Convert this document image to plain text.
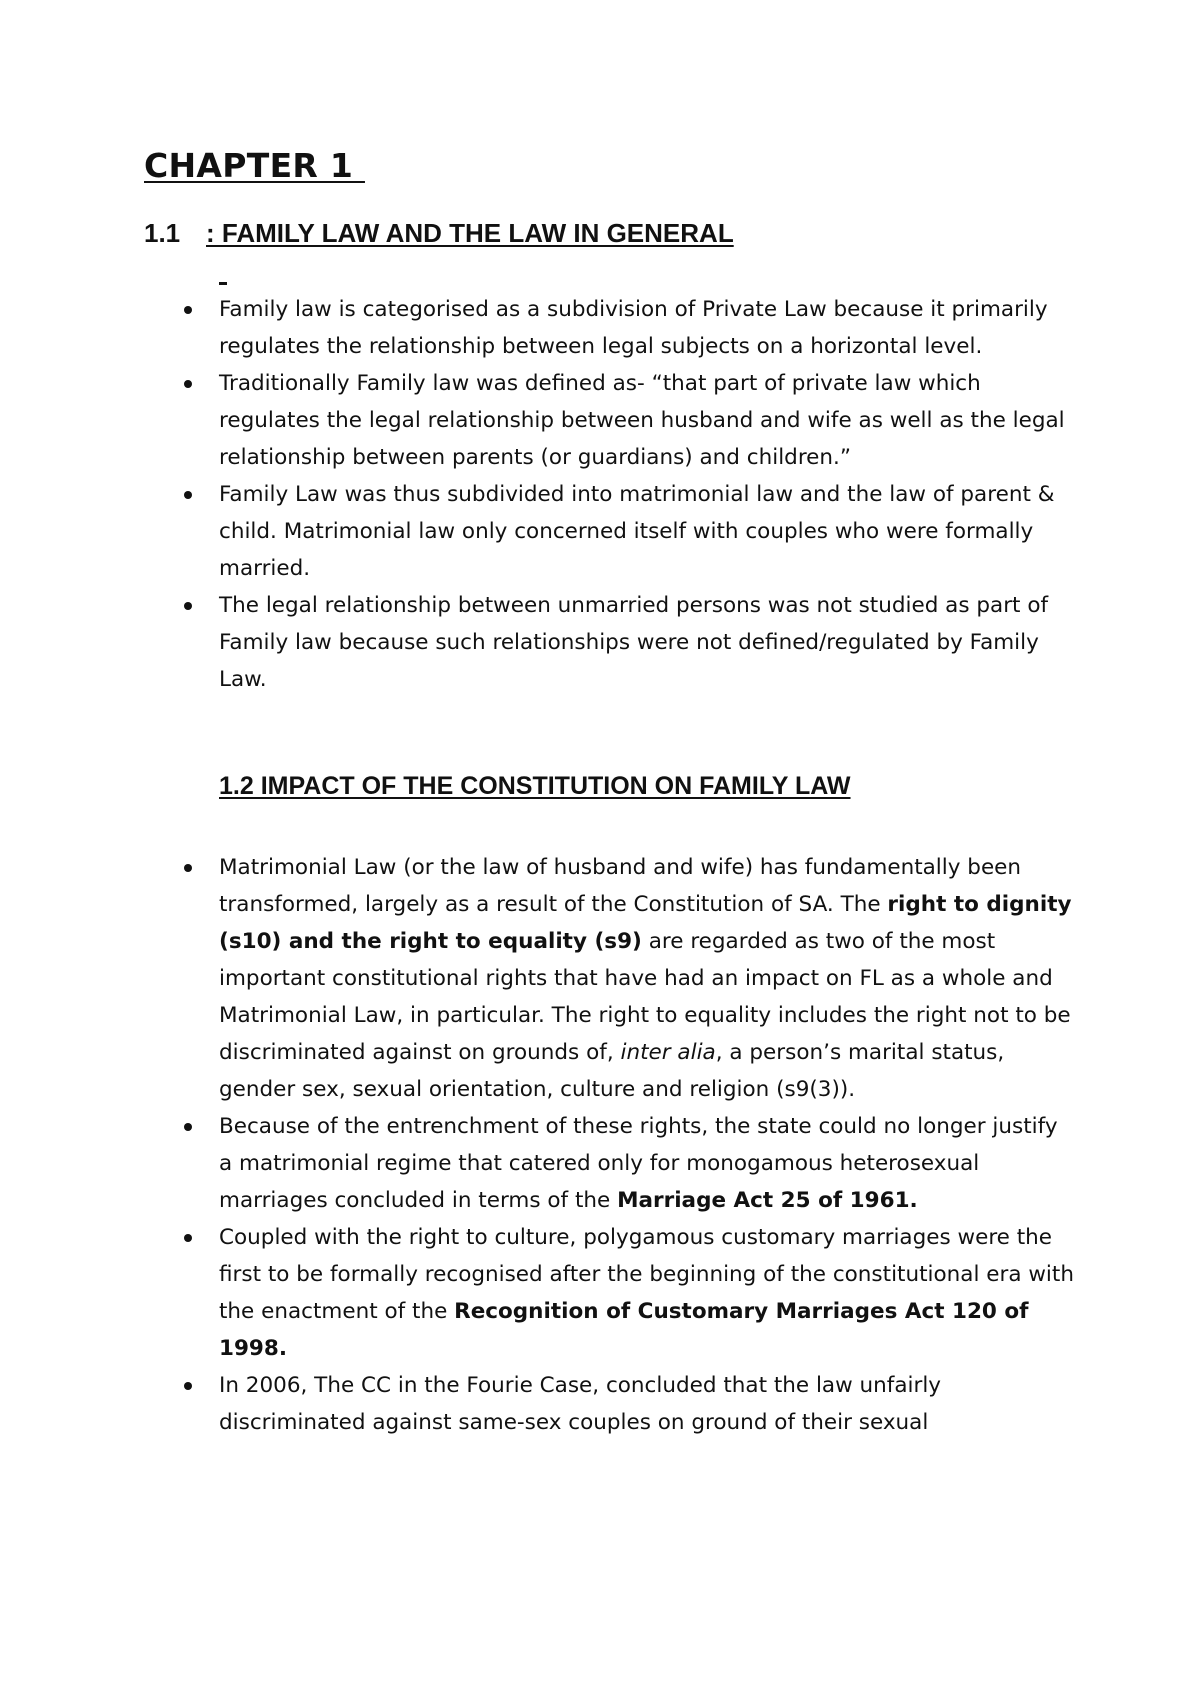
CHAPTER 1
1.1 : FAMILY LAW AND THE LAW IN GENERAL
Family law is categorised as a subdivision of Private Law because it primarily regulates the relationship between legal subjects on a horizontal level.
Traditionally Family law was defined as- “that part of private law which regulates the legal relationship between husband and wife as well as the legal relationship between parents (or guardians) and children.”
Family Law was thus subdivided into matrimonial law and the law of parent & child. Matrimonial law only concerned itself with couples who were formally married.
The legal relationship between unmarried persons was not studied as part of Family law because such relationships were not defined/regulated by Family Law.
1.2 IMPACT OF THE CONSTITUTION ON FAMILY LAW
Matrimonial Law (or the law of husband and wife) has fundamentally been transformed, largely as a result of the Constitution of SA. The right to dignity (s10) and the right to equality (s9) are regarded as two of the most important constitutional rights that have had an impact on FL as a whole and Matrimonial Law, in particular. The right to equality includes the right not to be discriminated against on grounds of, inter alia, a person’s marital status, gender sex, sexual orientation, culture and religion (s9(3)).
Because of the entrenchment of these rights, the state could no longer justify a matrimonial regime that catered only for monogamous heterosexual marriages concluded in terms of the Marriage Act 25 of 1961.
Coupled with the right to culture, polygamous customary marriages were the first to be formally recognised after the beginning of the constitutional era with the enactment of the Recognition of Customary Marriages Act 120 of 1998.
In 2006, The CC in the Fourie Case, concluded that the law unfairly discriminated against same-sex couples on ground of their sexual
